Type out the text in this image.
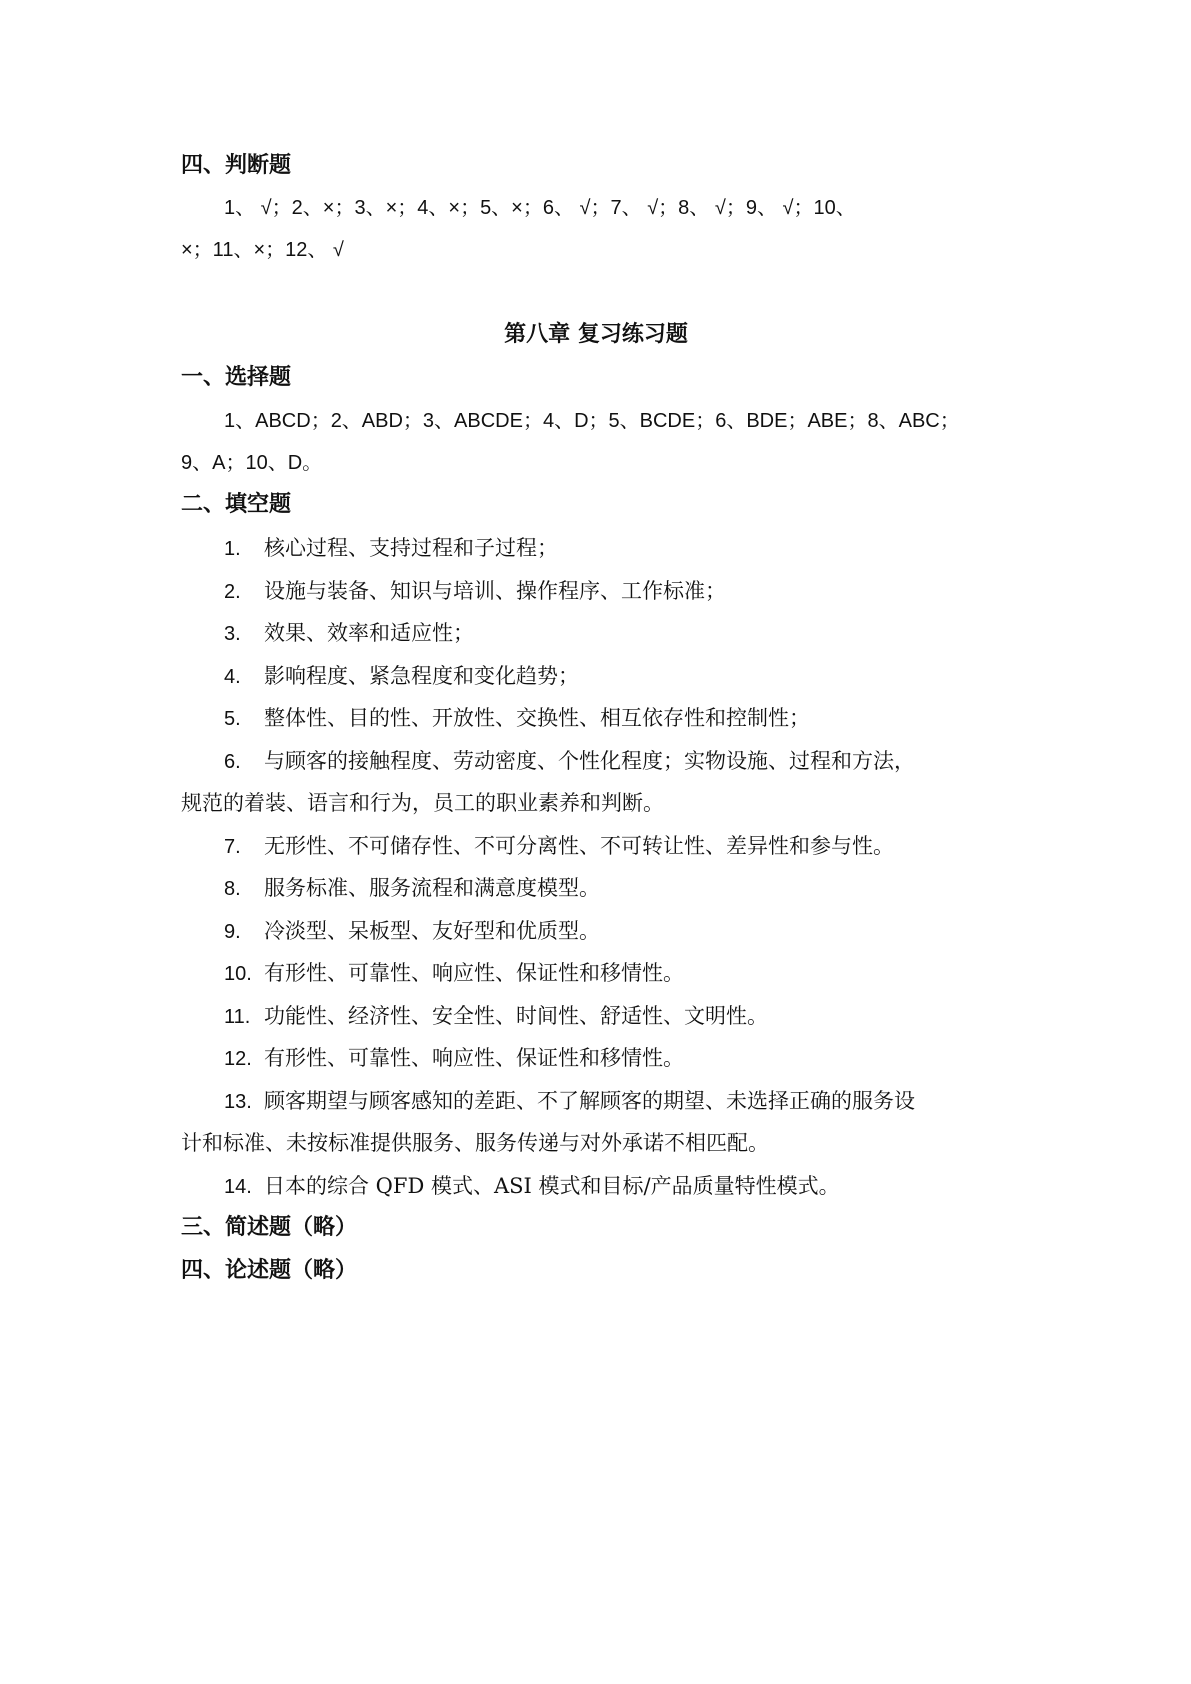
四、判断题
1、 √；2、×；3、×；4、×；5、×；6、 √；7、 √；8、 √；9、 √；10、
×；11、×；12、 √
第八章 复习练习题
一、选择题
1、ABCD；2、ABD；3、ABCDE；4、D；5、BCDE；6、BDE；ABE；8、ABC；
9、A；10、D。
二、填空题
1. 核心过程、支持过程和子过程；
2. 设施与装备、知识与培训、操作程序、工作标准；
3. 效果、效率和适应性；
4. 影响程度、紧急程度和变化趋势；
5. 整体性、目的性、开放性、交换性、相互依存性和控制性；
6. 与顾客的接触程度、劳动密度、个性化程度；实物设施、过程和方法，
规范的着装、语言和行为，员工的职业素养和判断。
7. 无形性、不可储存性、不可分离性、不可转让性、差异性和参与性。
8. 服务标准、服务流程和满意度模型。
9. 冷淡型、呆板型、友好型和优质型。
10. 有形性、可靠性、响应性、保证性和移情性。
11. 功能性、经济性、安全性、时间性、舒适性、文明性。
12. 有形性、可靠性、响应性、保证性和移情性。
13. 顾客期望与顾客感知的差距、不了解顾客的期望、未选择正确的服务设
计和标准、未按标准提供服务、服务传递与对外承诺不相匹配。
14. 日本的综合 QFD 模式、ASI 模式和目标/产品质量特性模式。
三、简述题（略）
四、论述题（略）
